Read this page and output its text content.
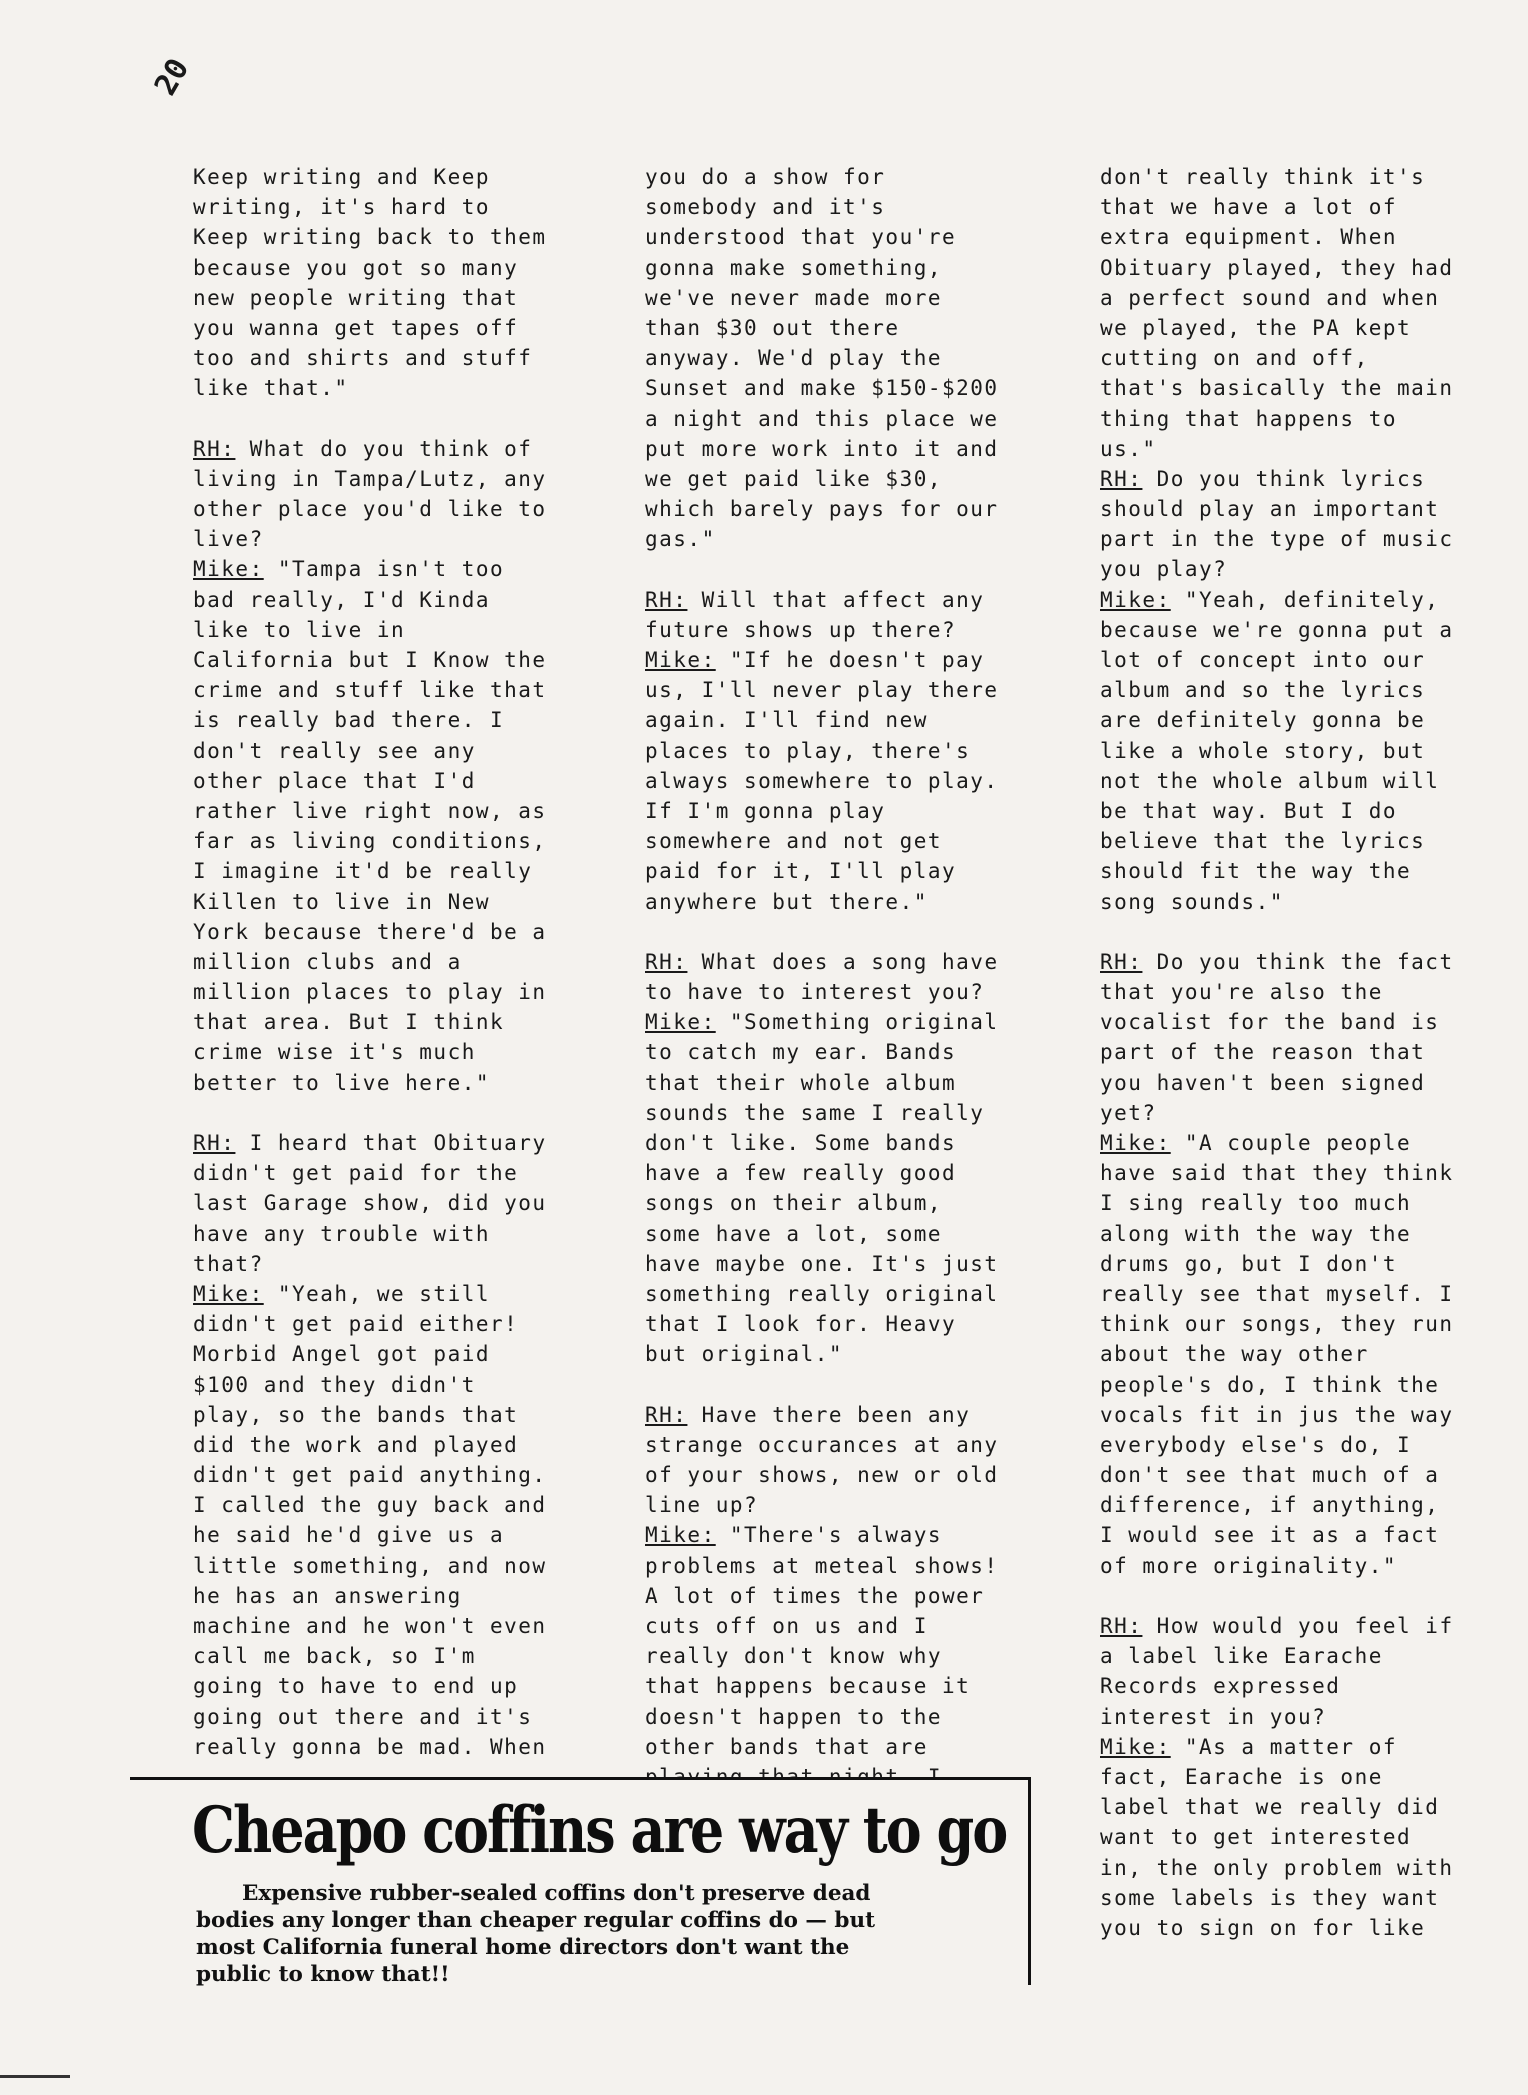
20
Keep writing and Keep
writing, it's hard to
Keep writing back to them
because you got so many
new people writing that
you wanna get tapes off
too and shirts and stuff
like that."
RH: What do you think of
living in Tampa/Lutz, any
other place you'd like to
live?
Mike: "Tampa isn't too
bad really, I'd Kinda
like to live in
California but I Know the
crime and stuff like that
is really bad there. I
don't really see any
other place that I'd
rather live right now, as
far as living conditions,
I imagine it'd be really
Killen to live in New
York because there'd be a
million clubs and a
million places to play in
that area. But I think
crime wise it's much
better to live here."
RH: I heard that Obituary
didn't get paid for the
last Garage show, did you
have any trouble with
that?
Mike: "Yeah, we still
didn't get paid either!
Morbid Angel got paid
$100 and they didn't
play, so the bands that
did the work and played
didn't get paid anything.
I called the guy back and
he said he'd give us a
little something, and now
he has an answering
machine and he won't even
call me back, so I'm
going to have to end up
going out there and it's
really gonna be mad. When
you do a show for
somebody and it's
understood that you're
gonna make something,
we've never made more
than $30 out there
anyway. We'd play the
Sunset and make $150-$200
a night and this place we
put more work into it and
we get paid like $30,
which barely pays for our
gas."
RH: Will that affect any
future shows up there?
Mike: "If he doesn't pay
us, I'll never play there
again. I'll find new
places to play, there's
always somewhere to play.
If I'm gonna play
somewhere and not get
paid for it, I'll play
anywhere but there."
RH: What does a song have
to have to interest you?
Mike: "Something original
to catch my ear. Bands
that their whole album
sounds the same I really
don't like. Some bands
have a few really good
songs on their album,
some have a lot, some
have maybe one. It's just
something really original
that I look for. Heavy
but original."
RH: Have there been any
strange occurances at any
of your shows, new or old
line up?
Mike: "There's always
problems at meteal shows!
A lot of times the power
cuts off on us and I
really don't know why
that happens because it
doesn't happen to the
other bands that are
don't really think it's
that we have a lot of
extra equipment. When
Obituary played, they had
a perfect sound and when
we played, the PA kept
cutting on and off,
that's basically the main
thing that happens to
us."
RH: Do you think lyrics
should play an important
part in the type of music
you play?
Mike: "Yeah, definitely,
because we're gonna put a
lot of concept into our
album and so the lyrics
are definitely gonna be
like a whole story, but
not the whole album will
be that way. But I do
believe that the lyrics
should fit the way the
song sounds."
RH: Do you think the fact
that you're also the
vocalist for the band is
part of the reason that
you haven't been signed
yet?
Mike: "A couple people
have said that they think
I sing really too much
along with the way the
drums go, but I don't
really see that myself. I
think our songs, they run
about the way other
people's do, I think the
vocals fit in jus the way
everybody else's do, I
don't see that much of a
difference, if anything,
I would see it as a fact
of more originality."
RH: How would you feel if
a label like Earache
Records expressed
interest in you?
Mike: "As a matter of
fact, Earache is one
label that we really did
want to get interested
in, the only problem with
some labels is they want
you to sign on for like
Cheapo coffins are way to go
Expensive rubber-sealed coffins don't preserve dead
bodies any longer than cheaper regular coffins do — but
most California funeral home directors don't want the
public to know that!!
